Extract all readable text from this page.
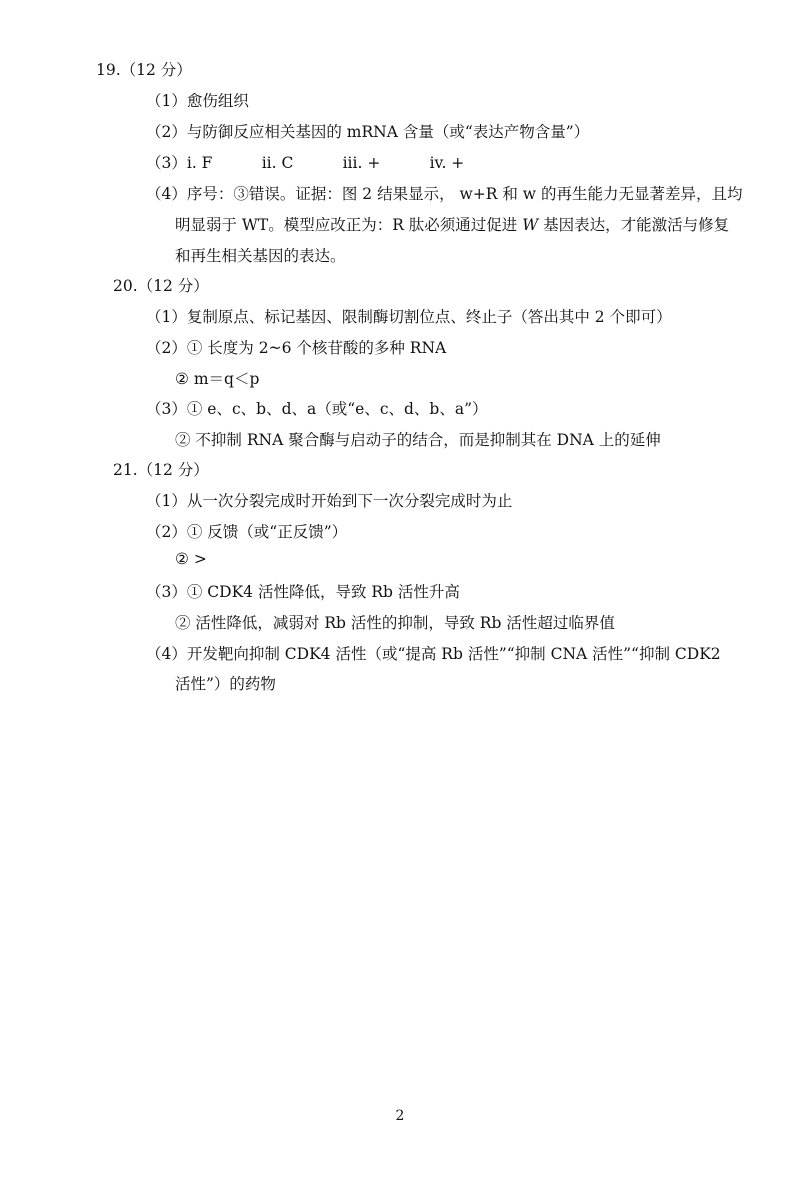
19.（12 分）
（1）愈伤组织
（2）与防御反应相关基因的 mRNA 含量（或“表达产物含量”）
（3）i. F          ii. C          iii. +          iv. +
（4）序号：③错误。证据：图 2 结果显示， w+R 和 w 的再生能力无显著差异，且均
明显弱于 WT。模型应改正为：R 肽必须通过促进 W 基因表达，才能激活与修复
和再生相关基因的表达。
20.（12 分）
（1）复制原点、标记基因、限制酶切割位点、终止子（答出其中 2 个即可）
（2）① 长度为 2~6 个核苷酸的多种 RNA
② m＝q＜p
（3）① e、c、b、d、a（或“e、c、d、b、a”）
② 不抑制 RNA 聚合酶与启动子的结合，而是抑制其在 DNA 上的延伸
21.（12 分）
（1）从一次分裂完成时开始到下一次分裂完成时为止
（2）① 反馈（或“正反馈”）
② >
（3）① CDK4 活性降低，导致 Rb 活性升高
② 活性降低，减弱对 Rb 活性的抑制，导致 Rb 活性超过临界值
（4）开发靶向抑制 CDK4 活性（或“提高 Rb 活性”“抑制 CNA 活性”“抑制 CDK2
活性”）的药物
2
